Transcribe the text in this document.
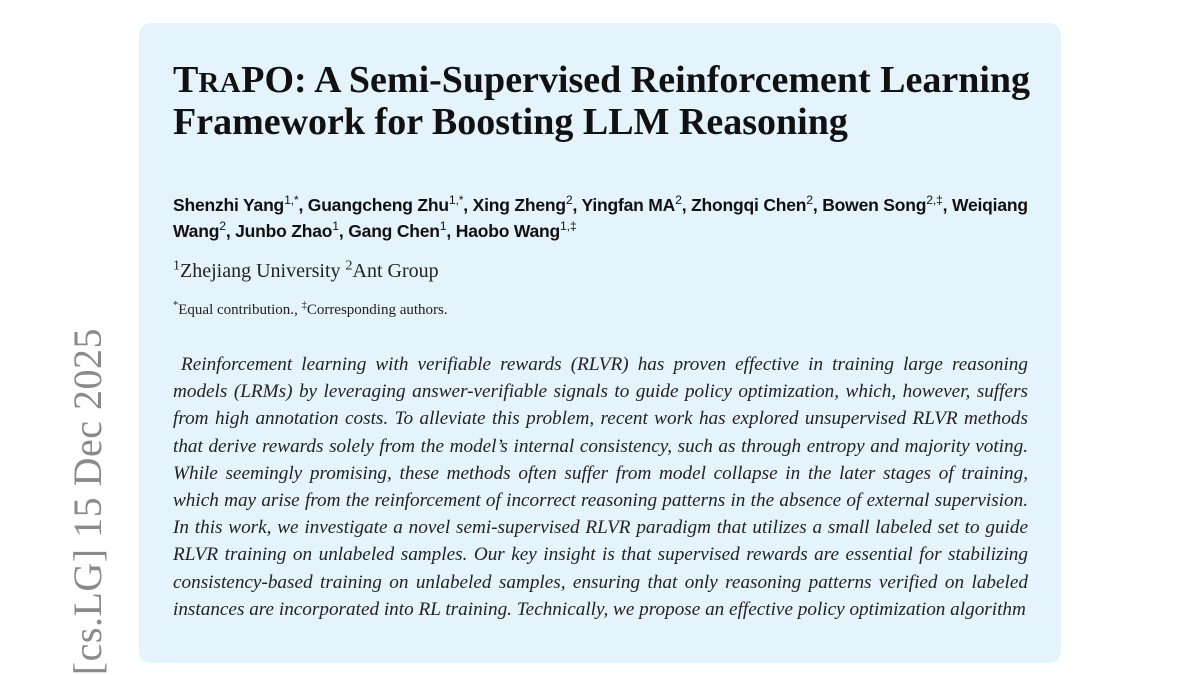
[cs.LG] 15 Dec 2025
TRAPO: A Semi-Supervised Reinforcement Learning Framework for Boosting LLM Reasoning
Shenzhi Yang$^{1,*}$, Guangcheng Zhu$^{1,*}$, Xing Zheng$^2$, Yingfan $MA^2$, Zhongqi Chen$^2$, Bowen Song$^{2,\ddagger}$, Weiqiang Wang$^2$, Junbo Zhao$^1$, Gang Chen$^1$, Haobo Wang$^{1,\ddagger}$
$^1$Zhejiang University $^2$Ant Group
*Equal contribution., ‡Corresponding authors.
Reinforcement learning with verifiable rewards (RLVR) has proven effective in training large reasoning models (LRMs) by leveraging answer-verifiable signals to guide policy optimization, which, however, suffers from high annotation costs. To alleviate this problem, recent work has explored unsupervised RLVR methods that derive rewards solely from the model’s internal consistency, such as through entropy and majority voting. While seemingly promising, these methods often suffer from model collapse in the later stages of training, which may arise from the reinforcement of incorrect reasoning patterns in the absence of external supervision. In this work, we investigate a novel semi-supervised RLVR paradigm that utilizes a small labeled set to guide RLVR training on unlabeled samples. Our key insight is that supervised rewards are essential for stabilizing consistency-based training on unlabeled samples, ensuring that only reasoning patterns verified on labeled instances are incorporated into RL training. Technically, we propose an effective policy optimization algorithm
